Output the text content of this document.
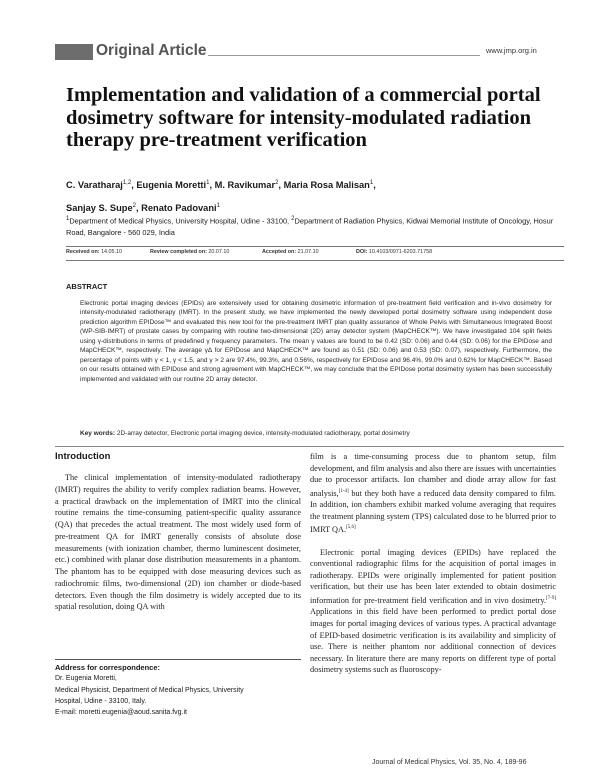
Original Article	www.jmp.org.in
Implementation and validation of a commercial portal dosimetry software for intensity-modulated radiation therapy pre-treatment verification
C. Varatharaj$^{1,2}$, Eugenia Moretti$^1$, M. Ravikumar$^2$, Maria Rosa Malisan$^1$,
Sanjay S. Supe$^2$, Renato Padovani$^1$
$^1$Department of Medical Physics, University Hospital, Udine - 33100, $^2$Department of Radiation Physics, Kidwai Memorial Institute of Oncology, Hosur Road, Bangalore - 560 029, India
Received on: 14.05.10	Review completed on: 20.07.10	Accepted on: 21.07.10	DOI: 10.4103/0971-6203.71758
ABSTRACT
Electronic portal imaging devices (EPIDs) are extensively used for obtaining dosimetric information of pre-treatment field verification and in-vivo dosimetry for intensity-modulated radiotherapy (IMRT). In the present study, we have implemented the newly developed portal dosimetry software using independent dose prediction algorithm EPIDose™ and evaluated this new tool for the pre-treatment IMRT plan quality assurance of Whole Pelvis with Simultaneous Integrated Boost (WP-SIB-IMRT) of prostate cases by comparing with routine two-dimensional (2D) array detector system (MapCHECK™). We have investigated 104 split fields using γ-distributions in terms of predefined γ frequency parameters. The mean γ values are found to be 0.42 (SD: 0.06) and 0.44 (SD: 0.06) for the EPIDose and MapCHECK™, respectively. The average γΔ for EPIDose and MapCHECK™ are found as 0.51 (SD: 0.06) and 0.53 (SD: 0.07), respectively. Furthermore, the percentage of points with γ < 1, γ < 1.5, and γ > 2 are 97.4%, 99.3%, and 0.56%, respectively for EPIDose and 96.4%, 99.0% and 0.62% for MapCHECK™. Based on our results obtained with EPIDose and strong agreement with MapCHECK™, we may conclude that the EPIDose portal dosimetry system has been successfully implemented and validated with our routine 2D array detector.
Key words: 2D-array detector, Electronic portal imaging device, intensity-modulated radiotherapy, portal dosimetry
Introduction

The clinical implementation of intensity-modulated radiotherapy (IMRT) requires the ability to verify complex radiation beams. However, a practical drawback on the implementation of IMRT into the clinical routine remains the time-consuming patient-specific quality assurance (QA) that precedes the actual treatment. The most widely used form of pre-treatment QA for IMRT generally consists of absolute dose measurements (with ionization chamber, thermo luminescent dosimeter, etc.) combined with planar dose distribution measurements in a phantom. The phantom has to be equipped with dose measuring devices such as radiochromic films, two-dimensional (2D) ion chamber or diode-based detectors. Even though the film dosimetry is widely accepted due to its spatial resolution, doing QA with

film is a time-consuming process due to phantom setup, film development, and film analysis and also there are issues with uncertainties due to processor artifacts. Ion chamber and diode array allow for fast analysis,[1-4] but they both have a reduced data density compared to film. In addition, ion chambers exhibit marked volume averaging that requires the treatment planning system (TPS) calculated dose to be blurred prior to IMRT QA.[5,6]

Electronic portal imaging devices (EPIDs) have replaced the conventional radiographic films for the acquisition of portal images in radiotherapy. EPIDs were originally implemented for patient position verification, but their use has been later extended to obtain dosimetric information for pre-treatment field verification and in vivo dosimetry.[7-9] Applications in this field have been performed to predict portal dose images for portal imaging devices of various types. A practical advantage of EPID-based dosimetric verification is its availability and simplicity of use. There is neither phantom nor additional connection of devices necessary. In literature there are many reports on different type of portal dosimetry systems such as fluoroscopy-

Address for correspondence:
Dr. Eugenia Moretti,
Medical Physicist, Department of Medical Physics, University
Hospital, Udine - 33100, Italy.
E-mail: moretti.eugenia@aoud.sanita.fvg.it
Journal of Medical Physics, Vol. 35, No. 4, 189-96
